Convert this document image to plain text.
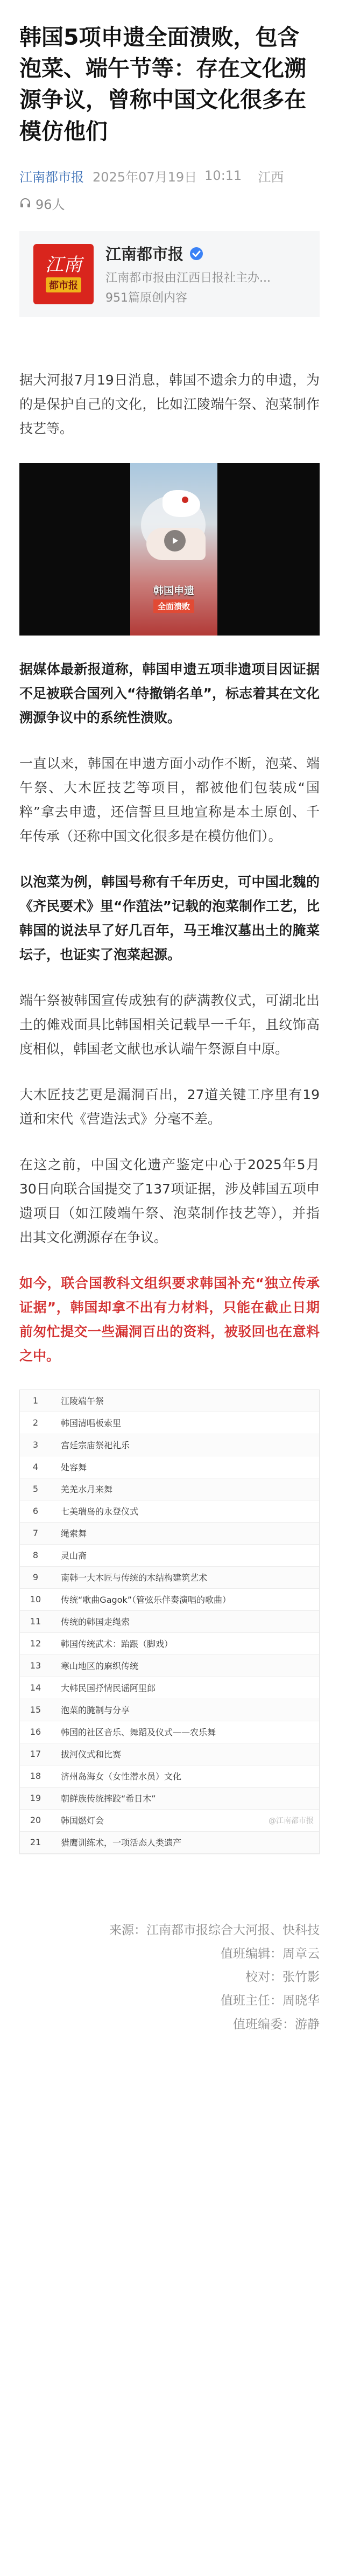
韩国5项申遗全面溃败，包含泡菜、端午节等：存在文化溯源争议，曾称中国文化很多在模仿他们
江南都市报 2025年07月19日 10:11 江西
96人
江南
都市报
江南都市报
江南都市报由江西日报社主办...
951篇原创内容

据大河报7月19日消息，韩国不遗余力的申遗，为的是保护自己的文化，比如江陵端午祭、泡菜制作技艺等。

韩国申遗
全面溃败

据媒体最新报道称，韩国申遗五项非遗项目因证据不足被联合国列入“待撤销名单”，标志着其在文化溯源争议中的系统性溃败。

一直以来，韩国在申遗方面小动作不断，泡菜、端午祭、大木匠技艺等项目，都被他们包装成“国粹”拿去申遗，还信誓旦旦地宣称是本土原创、千年传承（还称中国文化很多是在模仿他们）。

以泡菜为例，韩国号称有千年历史，可中国北魏的《齐民要术》里“作菹法”记载的泡菜制作工艺，比韩国的说法早了好几百年，马王堆汉墓出土的腌菜坛子，也证实了泡菜起源。

端午祭被韩国宣传成独有的萨满教仪式，可湖北出土的傩戏面具比韩国相关记载早一千年，且纹饰高度相似，韩国老文献也承认端午祭源自中原。

大木匠技艺更是漏洞百出，27道关键工序里有19道和宋代《营造法式》分毫不差。

在这之前，中国文化遗产鉴定中心于2025年5月30日向联合国提交了137项证据，涉及韩国五项申遗项目（如江陵端午祭、泡菜制作技艺等），并指出其文化溯源存在争议。

如今，联合国教科文组织要求韩国补充“独立传承证据”，韩国却拿不出有力材料，只能在截止日期前匆忙提交一些漏洞百出的资料，被驳回也在意料之中。

1	江陵端午祭
2	韩国清唱板索里
3	宫廷宗庙祭祀礼乐
4	处容舞
5	羌羌水月来舞
6	七美瑞岛的永登仪式
7	绳索舞
8	灵山斋
9	南韩一大木匠与传统的木结构建筑艺术
10	传统“歌曲Gagok”（管弦乐伴奏演唱的歌曲）
11	传统的韩国走绳索
12	韩国传统武术：跆跟（脚戏）
13	寒山地区的麻织传统
14	大韩民国抒情民谣阿里郎
15	泡菜的腌制与分享
16	韩国的社区音乐、舞蹈及仪式——农乐舞
17	拔河仪式和比赛
18	济州岛海女（女性潜水员）文化
19	朝鲜族传统摔跤“希日木”
20	韩国燃灯会
21	猎鹰训练术，一项活态人类遗产
@江南都市报
来源：江南都市报综合大河报、快科技
值班编辑：周章云
校对：张竹影
值班主任：周晓华
值班编委：游静
